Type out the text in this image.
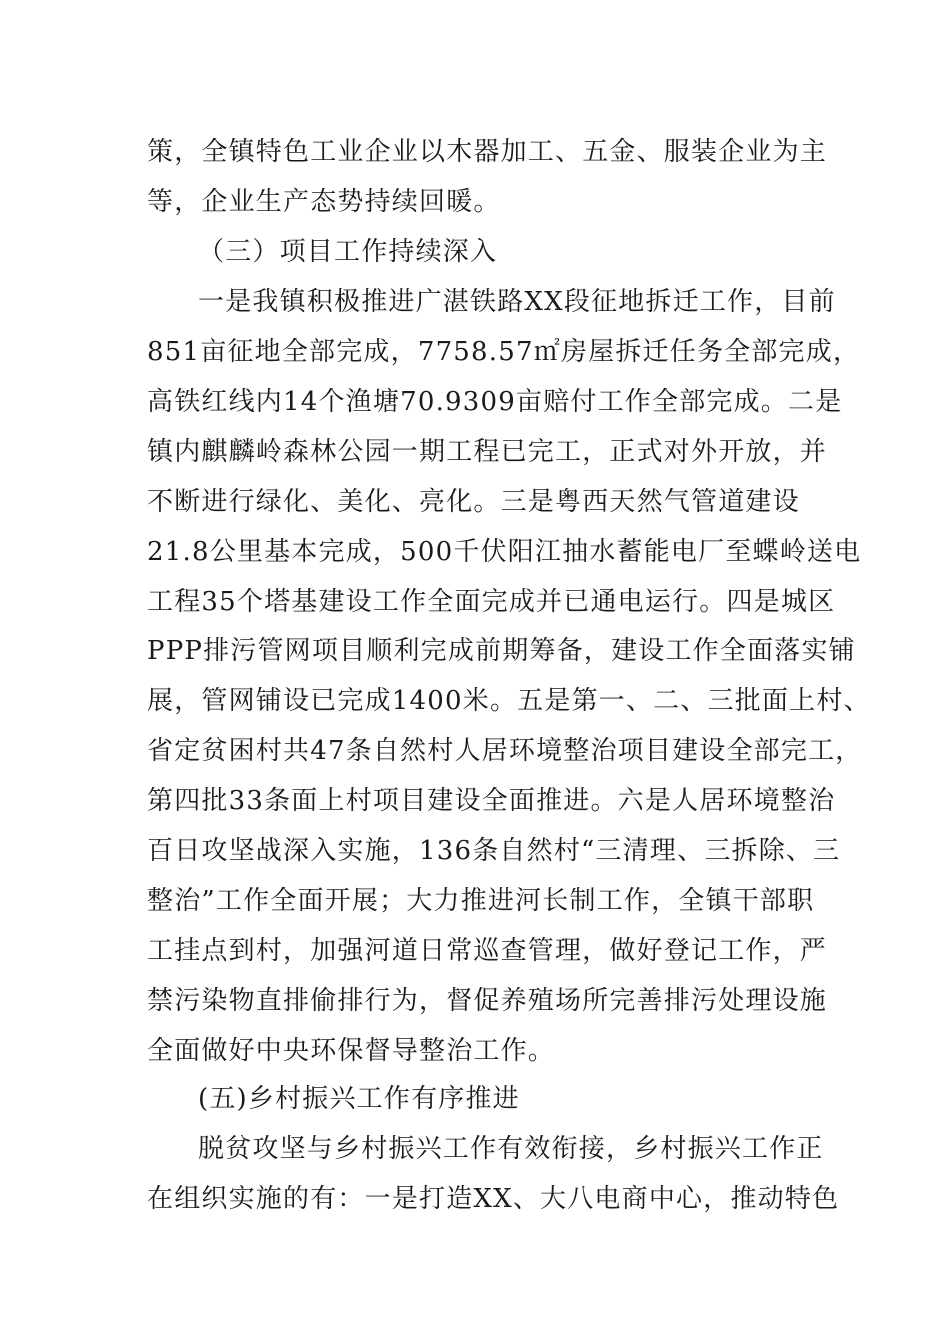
策，全镇特色工业企业以木器加工、五金、服装企业为主
等，企业生产态势持续回暖。
（三）项目工作持续深入
一是我镇积极推进广湛铁路XX段征地拆迁工作，目前
851亩征地全部完成，7758.57㎡房屋拆迁任务全部完成，
高铁红线内14个渔塘70.9309亩赔付工作全部完成。二是
镇内麒麟岭森林公园一期工程已完工，正式对外开放，并
不断进行绿化、美化、亮化。三是粤西天然气管道建设
21.8公里基本完成，500千伏阳江抽水蓄能电厂至蝶岭送电
工程35个塔基建设工作全面完成并已通电运行。四是城区
PPP排污管网项目顺利完成前期筹备，建设工作全面落实铺
展，管网铺设已完成1400米。五是第一、二、三批面上村、
省定贫困村共47条自然村人居环境整治项目建设全部完工，
第四批33条面上村项目建设全面推进。六是人居环境整治
百日攻坚战深入实施，136条自然村“三清理、三拆除、三
整治”工作全面开展；大力推进河长制工作，全镇干部职
工挂点到村，加强河道日常巡查管理，做好登记工作，严
禁污染物直排偷排行为，督促养殖场所完善排污处理设施
全面做好中央环保督导整治工作。
(五)乡村振兴工作有序推进
脱贫攻坚与乡村振兴工作有效衔接，乡村振兴工作正
在组织实施的有：一是打造XX、大八电商中心，推动特色
